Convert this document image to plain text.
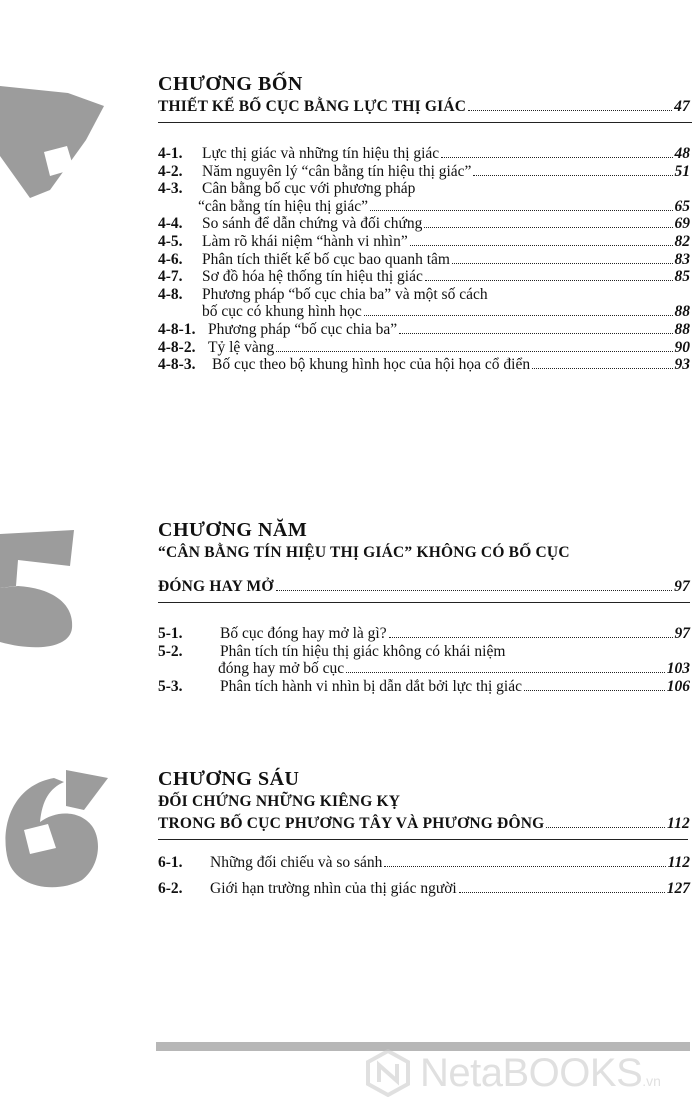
CHƯƠNG BỐN
THIẾT KẾ BỐ CỤC BẰNG LỰC THỊ GIÁC	47
4-1.	Lực thị giác và những tín hiệu thị giác	48
4-2.	Năm nguyên lý “cân bằng tín hiệu thị giác”	51
4-3.	Cân bằng bố cục với phương pháp
“cân bằng tín hiệu thị giác”	65
4-4.	So sánh để dẫn chứng và đối chứng	69
4-5.	Làm rõ khái niệm “hành vi nhìn”	82
4-6.	Phân tích thiết kế bố cục bao quanh tâm	83
4-7.	Sơ đồ hóa hệ thống tín hiệu thị giác	85
4-8.	Phương pháp “bố cục chia ba” và một số cách
bố cục có khung hình học	88
4-8-1. Phương pháp “bố cục chia ba”	88
4-8-2. Tỷ lệ vàng	90
4-8-3.	Bố cục theo bộ khung hình học của hội họa cổ điển	93
CHƯƠNG NĂM
“CÂN BẰNG TÍN HIỆU THỊ GIÁC” KHÔNG CÓ BỐ CỤC
ĐÓNG HAY MỞ	97
5-1.	Bố cục đóng hay mở là gì?	97
5-2.	Phân tích tín hiệu thị giác không có khái niệm
đóng hay mở bố cục	103
5-3.	Phân tích hành vi nhìn bị dẫn dắt bởi lực thị giác	106
CHƯƠNG SÁU
ĐỐI CHỨNG NHỮNG KIÊNG KỴ
TRONG BỐ CỤC PHƯƠNG TÂY VÀ PHƯƠNG ĐÔNG	112
6-1.	Những đối chiếu và so sánh	112
6-2.	Giới hạn trường nhìn của thị giác người	127
NetaBOOKS .vn
